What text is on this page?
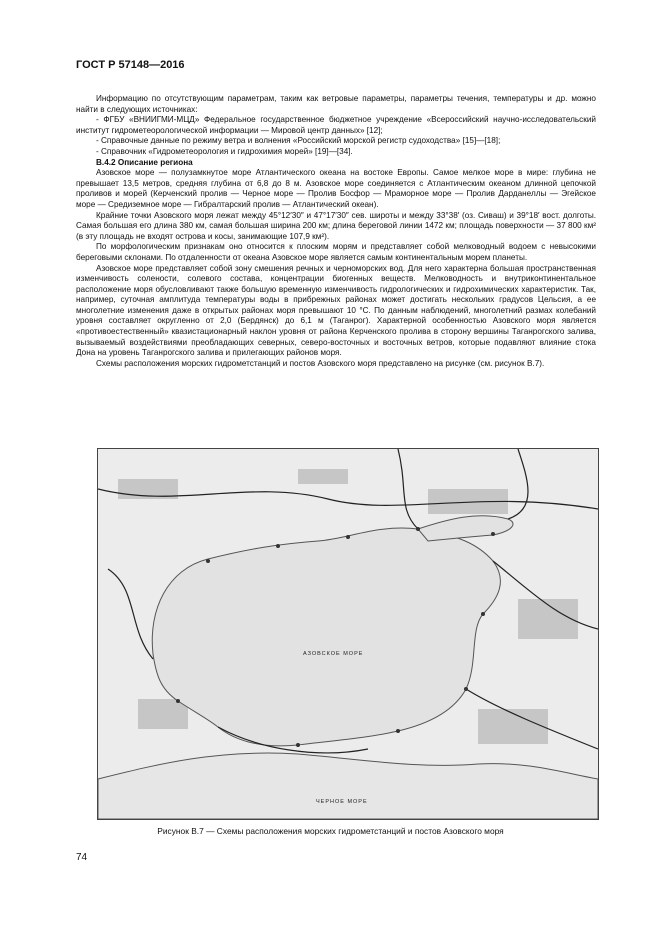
ГОСТ Р 57148—2016

Информацию по отсутствующим параметрам, таким как ветровые параметры, параметры течения, температуры и др. можно найти в следующих источниках:

- ФГБУ «ВНИИГМИ-МЦД» Федеральное государственное бюджетное учреждение «Всероссийский научно-исследовательский институт гидрометеорологической информации — Мировой центр данных» [12];

- Справочные данные по режиму ветра и волнения «Российский морской регистр судоходства» [15]—[18];

- Справочник «Гидрометеорология и гидрохимия морей» [19]—[34].

В.4.2 Описание региона

Азовское море — полузамкнутое море Атлантического океана на востоке Европы. Самое мелкое море в мире: глубина не превышает 13,5 метров, средняя глубина от 6,8 до 8 м. Азовское море соединяется с Атлантическим океаном длинной цепочкой проливов и морей (Керченский пролив — Черное море — Пролив Босфор — Мраморное море — Пролив Дарданеллы — Эгейское море — Средиземное море — Гибралтарский пролив — Атлантический океан).

Крайние точки Азовского моря лежат между 45°12′30″ и 47°17′30″ сев. широты и между 33°38′ (оз. Сиваш) и 39°18′ вост. долготы. Самая большая его длина 380 км, самая большая ширина 200 км; длина береговой линии 1472 км; площадь поверхности — 37 800 км² (в эту площадь не входят острова и косы, занимающие 107,9 км²).

По морфологическим признакам оно относится к плоским морям и представляет собой мелководный водоем с невысокими береговыми склонами. По отдаленности от океана Азовское море является самым континентальным морем планеты.

Азовское море представляет собой зону смешения речных и черноморских вод. Для него характерна большая пространственная изменчивость солености, солевого состава, концентрации биогенных веществ. Мелководность и внутриконтинентальное расположение моря обусловливают также большую временную изменчивость гидрологических и гидрохимических характеристик. Так, например, суточная амплитуда температуры воды в прибрежных районах может достигать нескольких градусов Цельсия, а ее многолетние изменения даже в открытых районах моря превышают 10 °С. По данным наблюдений, многолетний размах колебаний уровня составляет округленно от 2,0 (Бердянск) до 6,1 м (Таганрог). Характерной особенностью Азовского моря является «противоестественный» квазистационарный наклон уровня от района Керченского пролива в сторону вершины Таганрогского залива, вызываемый воздействиями преобладающих северных, северо-восточных и восточных ветров, которые подавляют влияние стока Дона на уровень Таганрогского залива и прилегающих районов моря.

Схемы расположения морских гидрометстанций и постов Азовского моря представлено на рисунке (см. рисунок В.7).

АЗОВСКОЕ МОРЕ
ЧЕРНОЕ МОРЕ
Рисунок В.7 — Схемы расположения морских гидрометстанций и постов Азовского моря
74
